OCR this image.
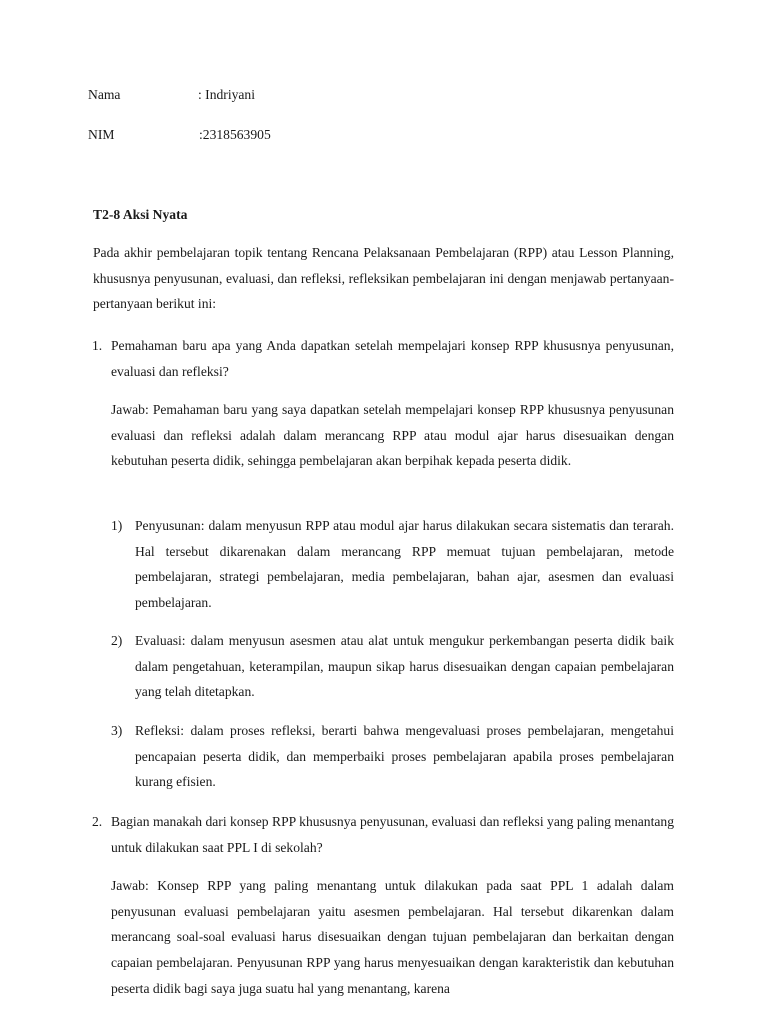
Nama	: Indriyani
NIM	:2318563905
T2-8 Aksi Nyata

Pada akhir pembelajaran topik tentang Rencana Pelaksanaan Pembelajaran (RPP) atau Lesson Planning, khususnya penyusunan, evaluasi, dan refleksi, refleksikan pembelajaran ini dengan menjawab pertanyaan-pertanyaan berikut ini:

1. Pemahaman baru apa yang Anda dapatkan setelah mempelajari konsep RPP khususnya penyusunan, evaluasi dan refleksi?

Jawab: Pemahaman baru yang saya dapatkan setelah mempelajari konsep RPP khususnya penyusunan evaluasi dan refleksi adalah dalam merancang RPP atau modul ajar harus disesuaikan dengan kebutuhan peserta didik, sehingga pembelajaran akan berpihak kepada peserta didik.

1) Penyusunan: dalam menyusun RPP atau modul ajar harus dilakukan secara sistematis dan terarah. Hal tersebut dikarenakan dalam merancang RPP memuat tujuan pembelajaran, metode pembelajaran, strategi pembelajaran, media pembelajaran, bahan ajar, asesmen dan evaluasi pembelajaran.

2) Evaluasi: dalam menyusun asesmen atau alat untuk mengukur perkembangan peserta didik baik dalam pengetahuan, keterampilan, maupun sikap harus disesuaikan dengan capaian pembelajaran yang telah ditetapkan.

3) Refleksi: dalam proses refleksi, berarti bahwa mengevaluasi proses pembelajaran, mengetahui pencapaian peserta didik, dan memperbaiki proses pembelajaran apabila proses pembelajaran kurang efisien.

2. Bagian manakah dari konsep RPP khususnya penyusunan, evaluasi dan refleksi yang paling menantang untuk dilakukan saat PPL I di sekolah?

Jawab: Konsep RPP yang paling menantang untuk dilakukan pada saat PPL 1 adalah dalam penyusunan evaluasi pembelajaran yaitu asesmen pembelajaran. Hal tersebut dikarenkan dalam merancang soal-soal evaluasi harus disesuaikan dengan tujuan pembelajaran dan berkaitan dengan capaian pembelajaran. Penyusunan RPP yang harus menyesuaikan dengan karakteristik dan kebutuhan peserta didik bagi saya juga suatu hal yang menantang, karena
